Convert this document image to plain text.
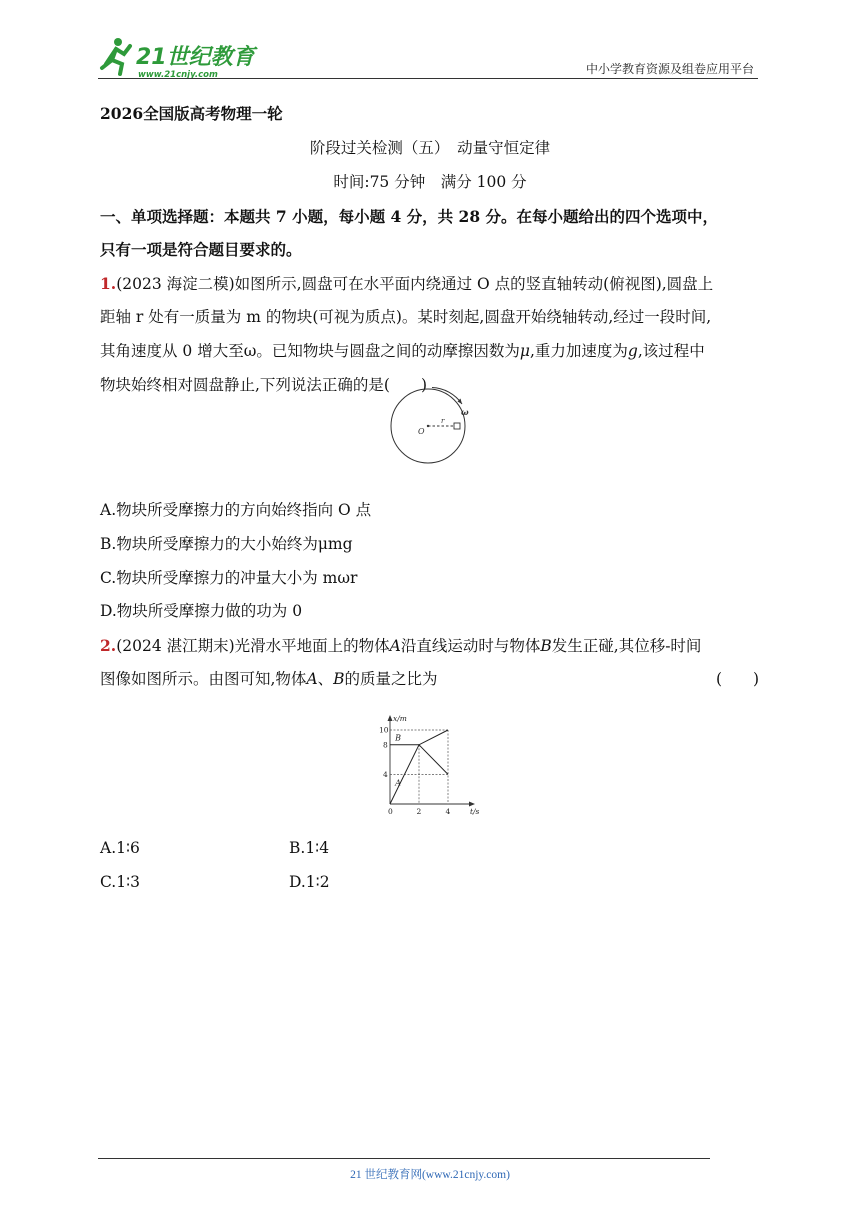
21世纪教育
www.21cnjy.com	中小学教育资源及组卷应用平台
2026全国版高考物理一轮
阶段过关检测（五）　动量守恒定律
时间:75 分钟　满分 100 分
一、单项选择题：本题共 7 小题，每小题 4 分，共 28 分。在每小题给出的四个选项中，
只有一项是符合题目要求的。
1.(2023 海淀二模)如图所示,圆盘可在水平面内绕通过 O 点的竖直轴转动(俯视图),圆盘上
距轴 r 处有一质量为 m 的物块(可视为质点)。某时刻起,圆盘开始绕轴转动,经过一段时间,
其角速度从 0 增大至ω。已知物块与圆盘之间的动摩擦因数为μ,重力加速度为g,该过程中
物块始终相对圆盘静止,下列说法正确的是(　　)
O
r
ω
A.物块所受摩擦力的方向始终指向 O 点
B.物块所受摩擦力的大小始终为μmg
C.物块所受摩擦力的冲量大小为 mωr
D.物块所受摩擦力做的功为 0
2.(2024 湛江期末)光滑水平地面上的物体A沿直线运动时与物体B发生正碰,其位移-时间
图像如图所示。由图可知,物体A、B的质量之比为	(　　)
A
B
0	2	4
4
8
10
t/s
x/m
A.1∶6	B.1∶4
C.1∶3	D.1∶2
21 世纪教育网(www.21cnjy.com)
